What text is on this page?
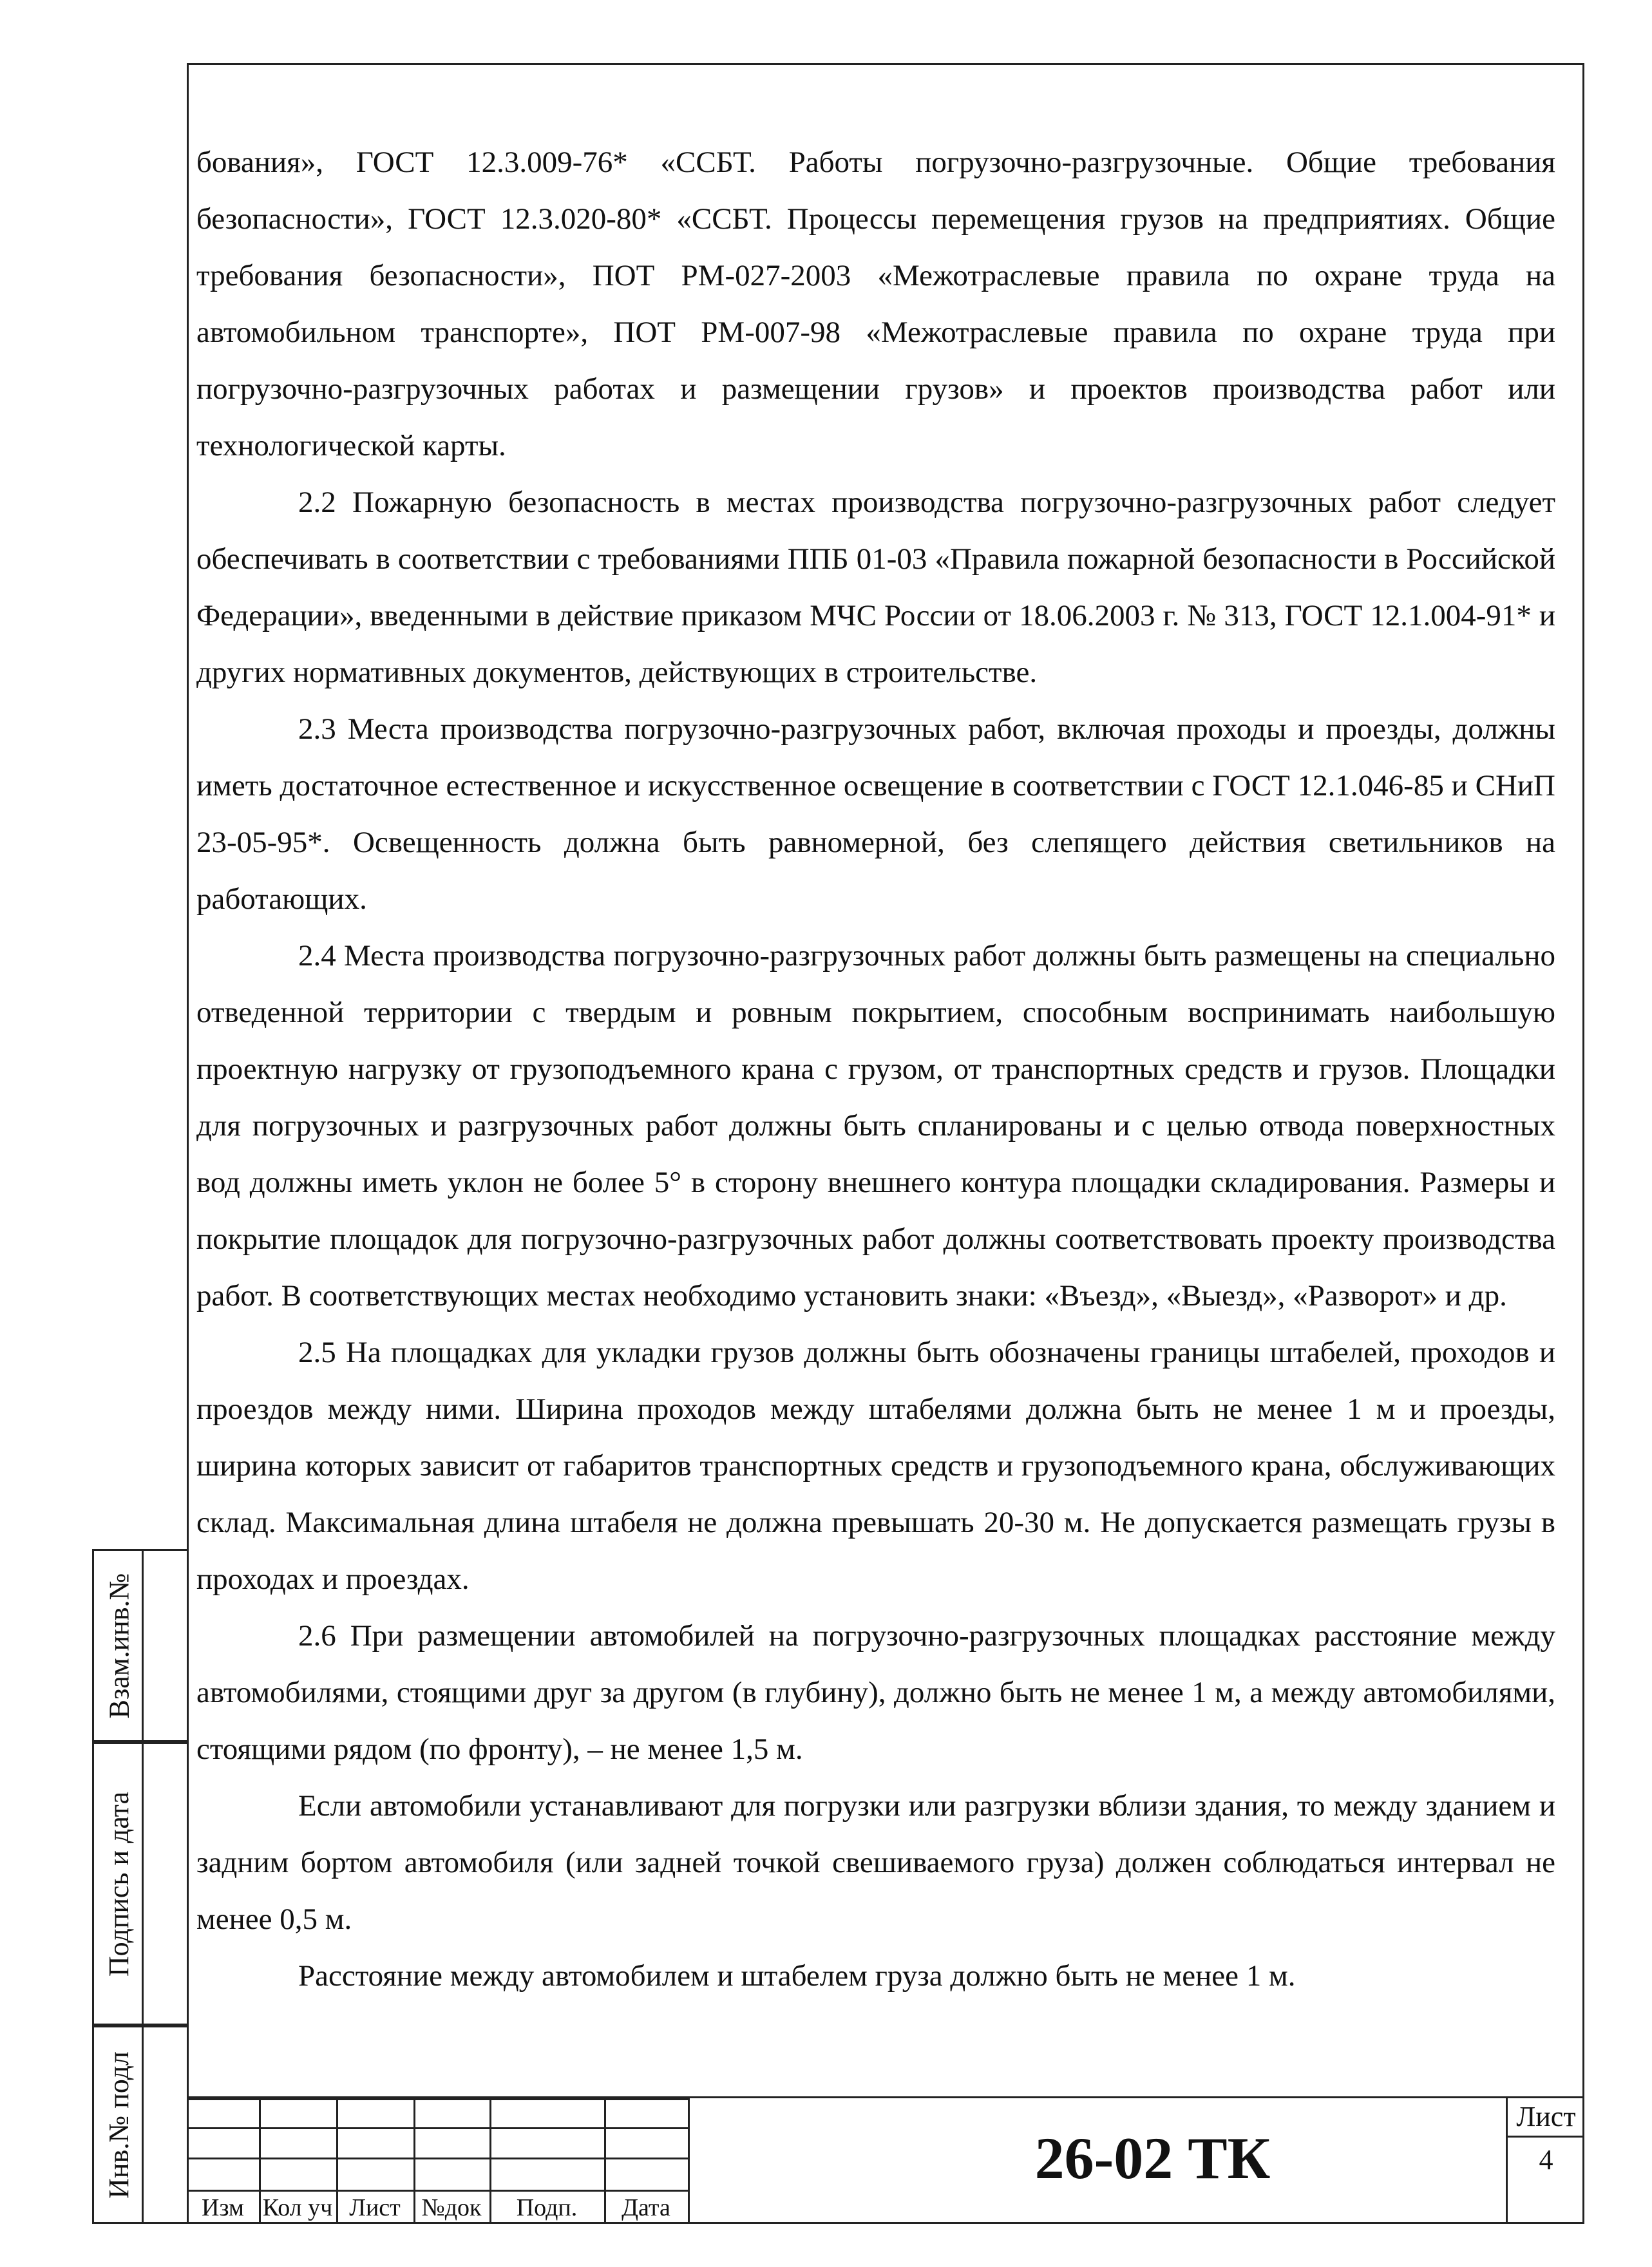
бования», ГОСТ 12.3.009-76* «ССБТ. Работы погрузочно-разгрузочные. Общие требования безопасности», ГОСТ 12.3.020-80* «ССБТ. Процессы перемещения грузов на предприятиях. Общие требования безопасности», ПОТ РМ-027-2003 «Межотраслевые правила по охране труда на автомобильном транспорте», ПОТ РМ-007-98 «Межотраслевые правила по охране труда при погрузочно-разгрузочных работах и размещении грузов» и проектов производства работ или технологической карты.

2.2 Пожарную безопасность в местах производства погрузочно-разгрузочных работ следует обеспечивать в соответствии с требованиями ППБ 01-03 «Правила пожарной безопасности в Российской Федерации», введенными в действие приказом МЧС России от 18.06.2003 г. № 313, ГОСТ 12.1.004-91* и других нормативных документов, действующих в строительстве.

2.3 Места производства погрузочно-разгрузочных работ, включая проходы и проезды, должны иметь достаточное естественное и искусственное освещение в соответствии с ГОСТ 12.1.046-85 и СНиП 23-05-95*. Освещенность должна быть равномерной, без слепящего действия светильников на работающих.

2.4 Места производства погрузочно-разгрузочных работ должны быть размещены на специально отведенной территории с твердым и ровным покрытием, способным воспринимать наибольшую проектную нагрузку от грузоподъемного крана с грузом, от транспортных средств и грузов. Площадки для погрузочных и разгрузочных работ должны быть спланированы и с целью отвода поверхностных вод должны иметь уклон не более 5° в сторону внешнего контура площадки складирования. Размеры и покрытие площадок для погрузочно-разгрузочных работ должны соответствовать проекту производства работ. В соответствующих местах необходимо установить знаки: «Въезд», «Выезд», «Разворот» и др.

2.5 На площадках для укладки грузов должны быть обозначены границы штабелей, проходов и проездов между ними. Ширина проходов между штабелями должна быть не менее 1 м и проезды, ширина которых зависит от габаритов транспортных средств и грузоподъемного крана, обслуживающих склад. Максимальная длина штабеля не должна превышать 20-30 м. Не допускается размещать грузы в проходах и проездах.

2.6 При размещении автомобилей на погрузочно-разгрузочных площадках расстояние между автомобилями, стоящими друг за другом (в глубину), должно быть не менее 1 м, а между автомобилями, стоящими рядом (по фронту), – не менее 1,5 м.

Если автомобили устанавливают для погрузки или разгрузки вблизи здания, то между зданием и задним бортом автомобиля (или задней точкой свешиваемого груза) должен соблюдаться интервал не менее 0,5 м.

Расстояние между автомобилем и штабелем груза должно быть не менее 1 м.

Взам.инв.№
Подпись и дата
Инв.№ подл
Изм Кол уч Лист №док	Подп.	Дата
26-02 ТК
Лист
4
